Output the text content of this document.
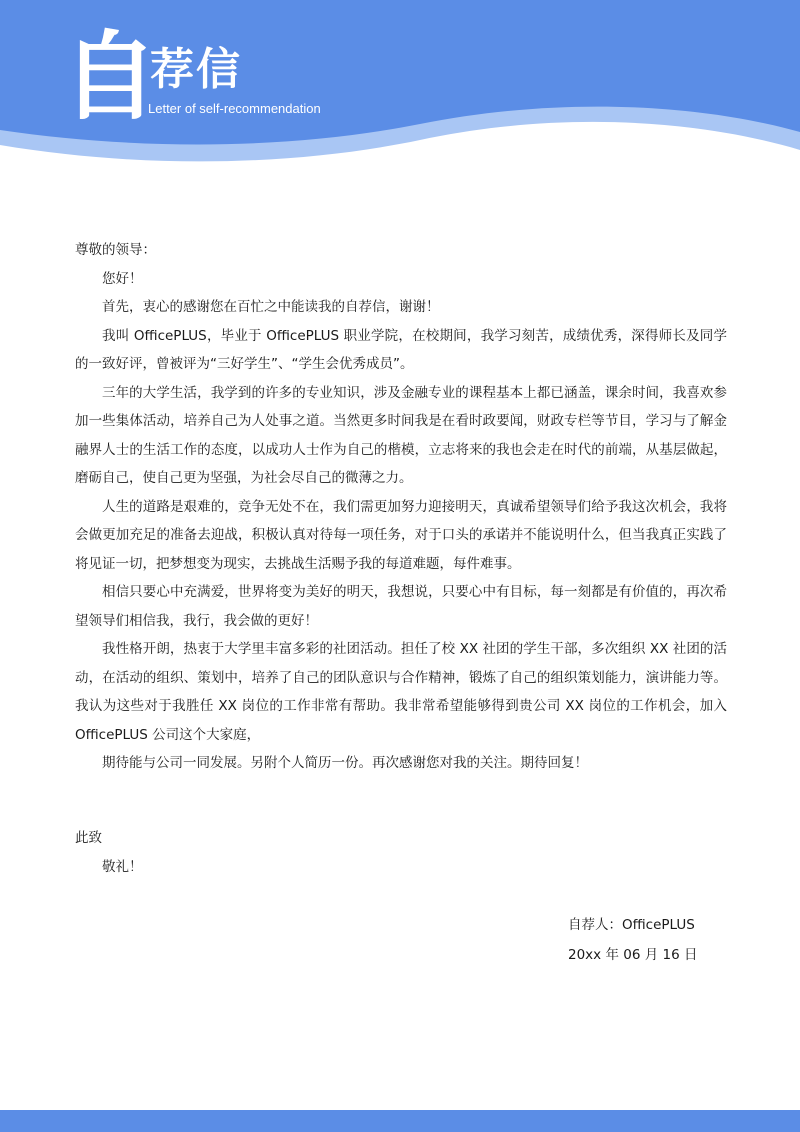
自
荐信
Letter of self-recommendation

尊敬的领导：

您好！

首先，衷心的感谢您在百忙之中能读我的自荐信，谢谢！

我叫 OfficePLUS，毕业于 OfficePLUS 职业学院，在校期间，我学习刻苦，成绩优秀，深得师长及同学的一致好评，曾被评为“三好学生”、“学生会优秀成员”。

三年的大学生活，我学到的许多的专业知识，涉及金融专业的课程基本上都已涵盖，课余时间，我喜欢参加一些集体活动，培养自己为人处事之道。当然更多时间我是在看时政要闻，财政专栏等节目，学习与了解金融界人士的生活工作的态度，以成功人士作为自己的楷模，立志将来的我也会走在时代的前端，从基层做起，磨砺自己，使自己更为坚强，为社会尽自己的微薄之力。

人生的道路是艰难的，竞争无处不在，我们需更加努力迎接明天，真诚希望领导们给予我这次机会，我将会做更加充足的准备去迎战，积极认真对待每一项任务，对于口头的承诺并不能说明什么，但当我真正实践了将见证一切，把梦想变为现实，去挑战生活赐予我的每道难题，每件难事。

相信只要心中充满爱，世界将变为美好的明天，我想说，只要心中有目标，每一刻都是有价值的，再次希望领导们相信我，我行，我会做的更好！

我性格开朗，热衷于大学里丰富多彩的社团活动。担任了校 XX 社团的学生干部，多次组织 XX 社团的活动，在活动的组织、策划中，培养了自己的团队意识与合作精神，锻炼了自己的组织策划能力，演讲能力等。我认为这些对于我胜任 XX 岗位的工作非常有帮助。我非常希望能够得到贵公司 XX 岗位的工作机会，加入 OfficePLUS 公司这个大家庭，

期待能与公司一同发展。另附个人简历一份。再次感谢您对我的关注。期待回复！

此致

敬礼！

自荐人：OfficePLUS

20xx 年 06 月 16 日
